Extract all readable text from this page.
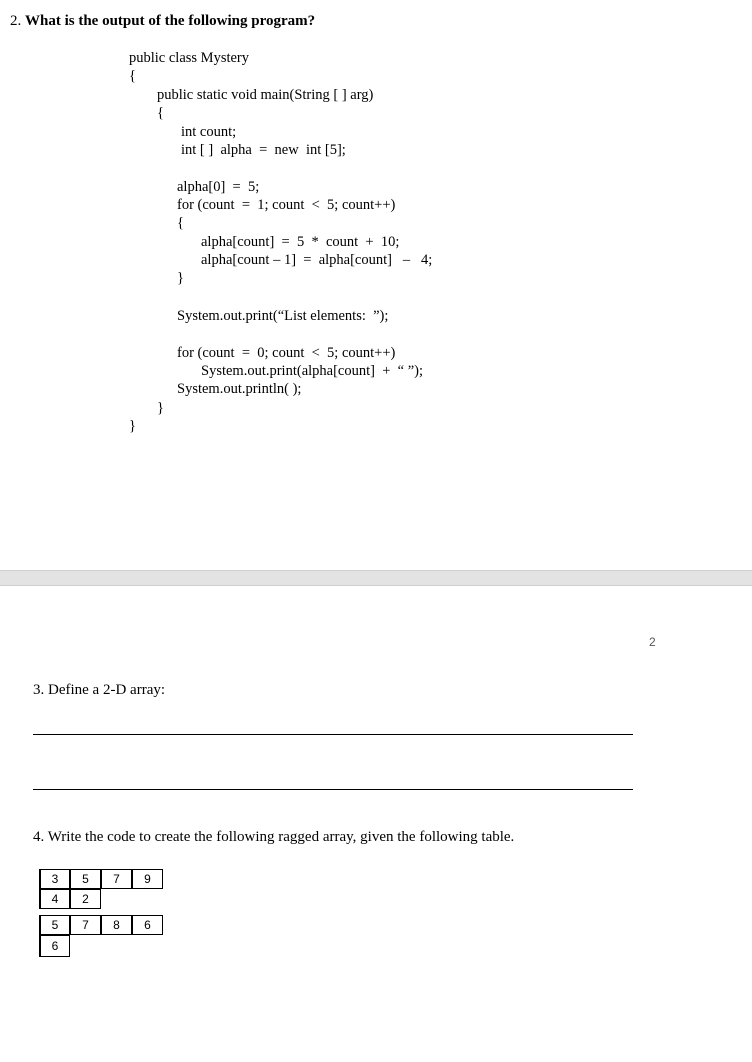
2. What is the output of the following program?
public class Mystery
{
public static void main(String [ ] arg)
{
int count;
int [ ]  alpha  =  new  int [5];
alpha[0]  =  5;
for (count  =  1; count  <  5; count++)
{
alpha[count]  =  5  *  count  +  10;
alpha[count – 1]  =  alpha[count]   –   4;
}
System.out.print(“List elements:  ”);
for (count  =  0; count  <  5; count++)
System.out.print(alpha[count]  +  “ ”);
System.out.println( );
}
}
2
3. Define a 2-D array:
4. Write the code to create the following ragged array, given the following table.
3	5	7	9
4	2
5	7	8	6
6
